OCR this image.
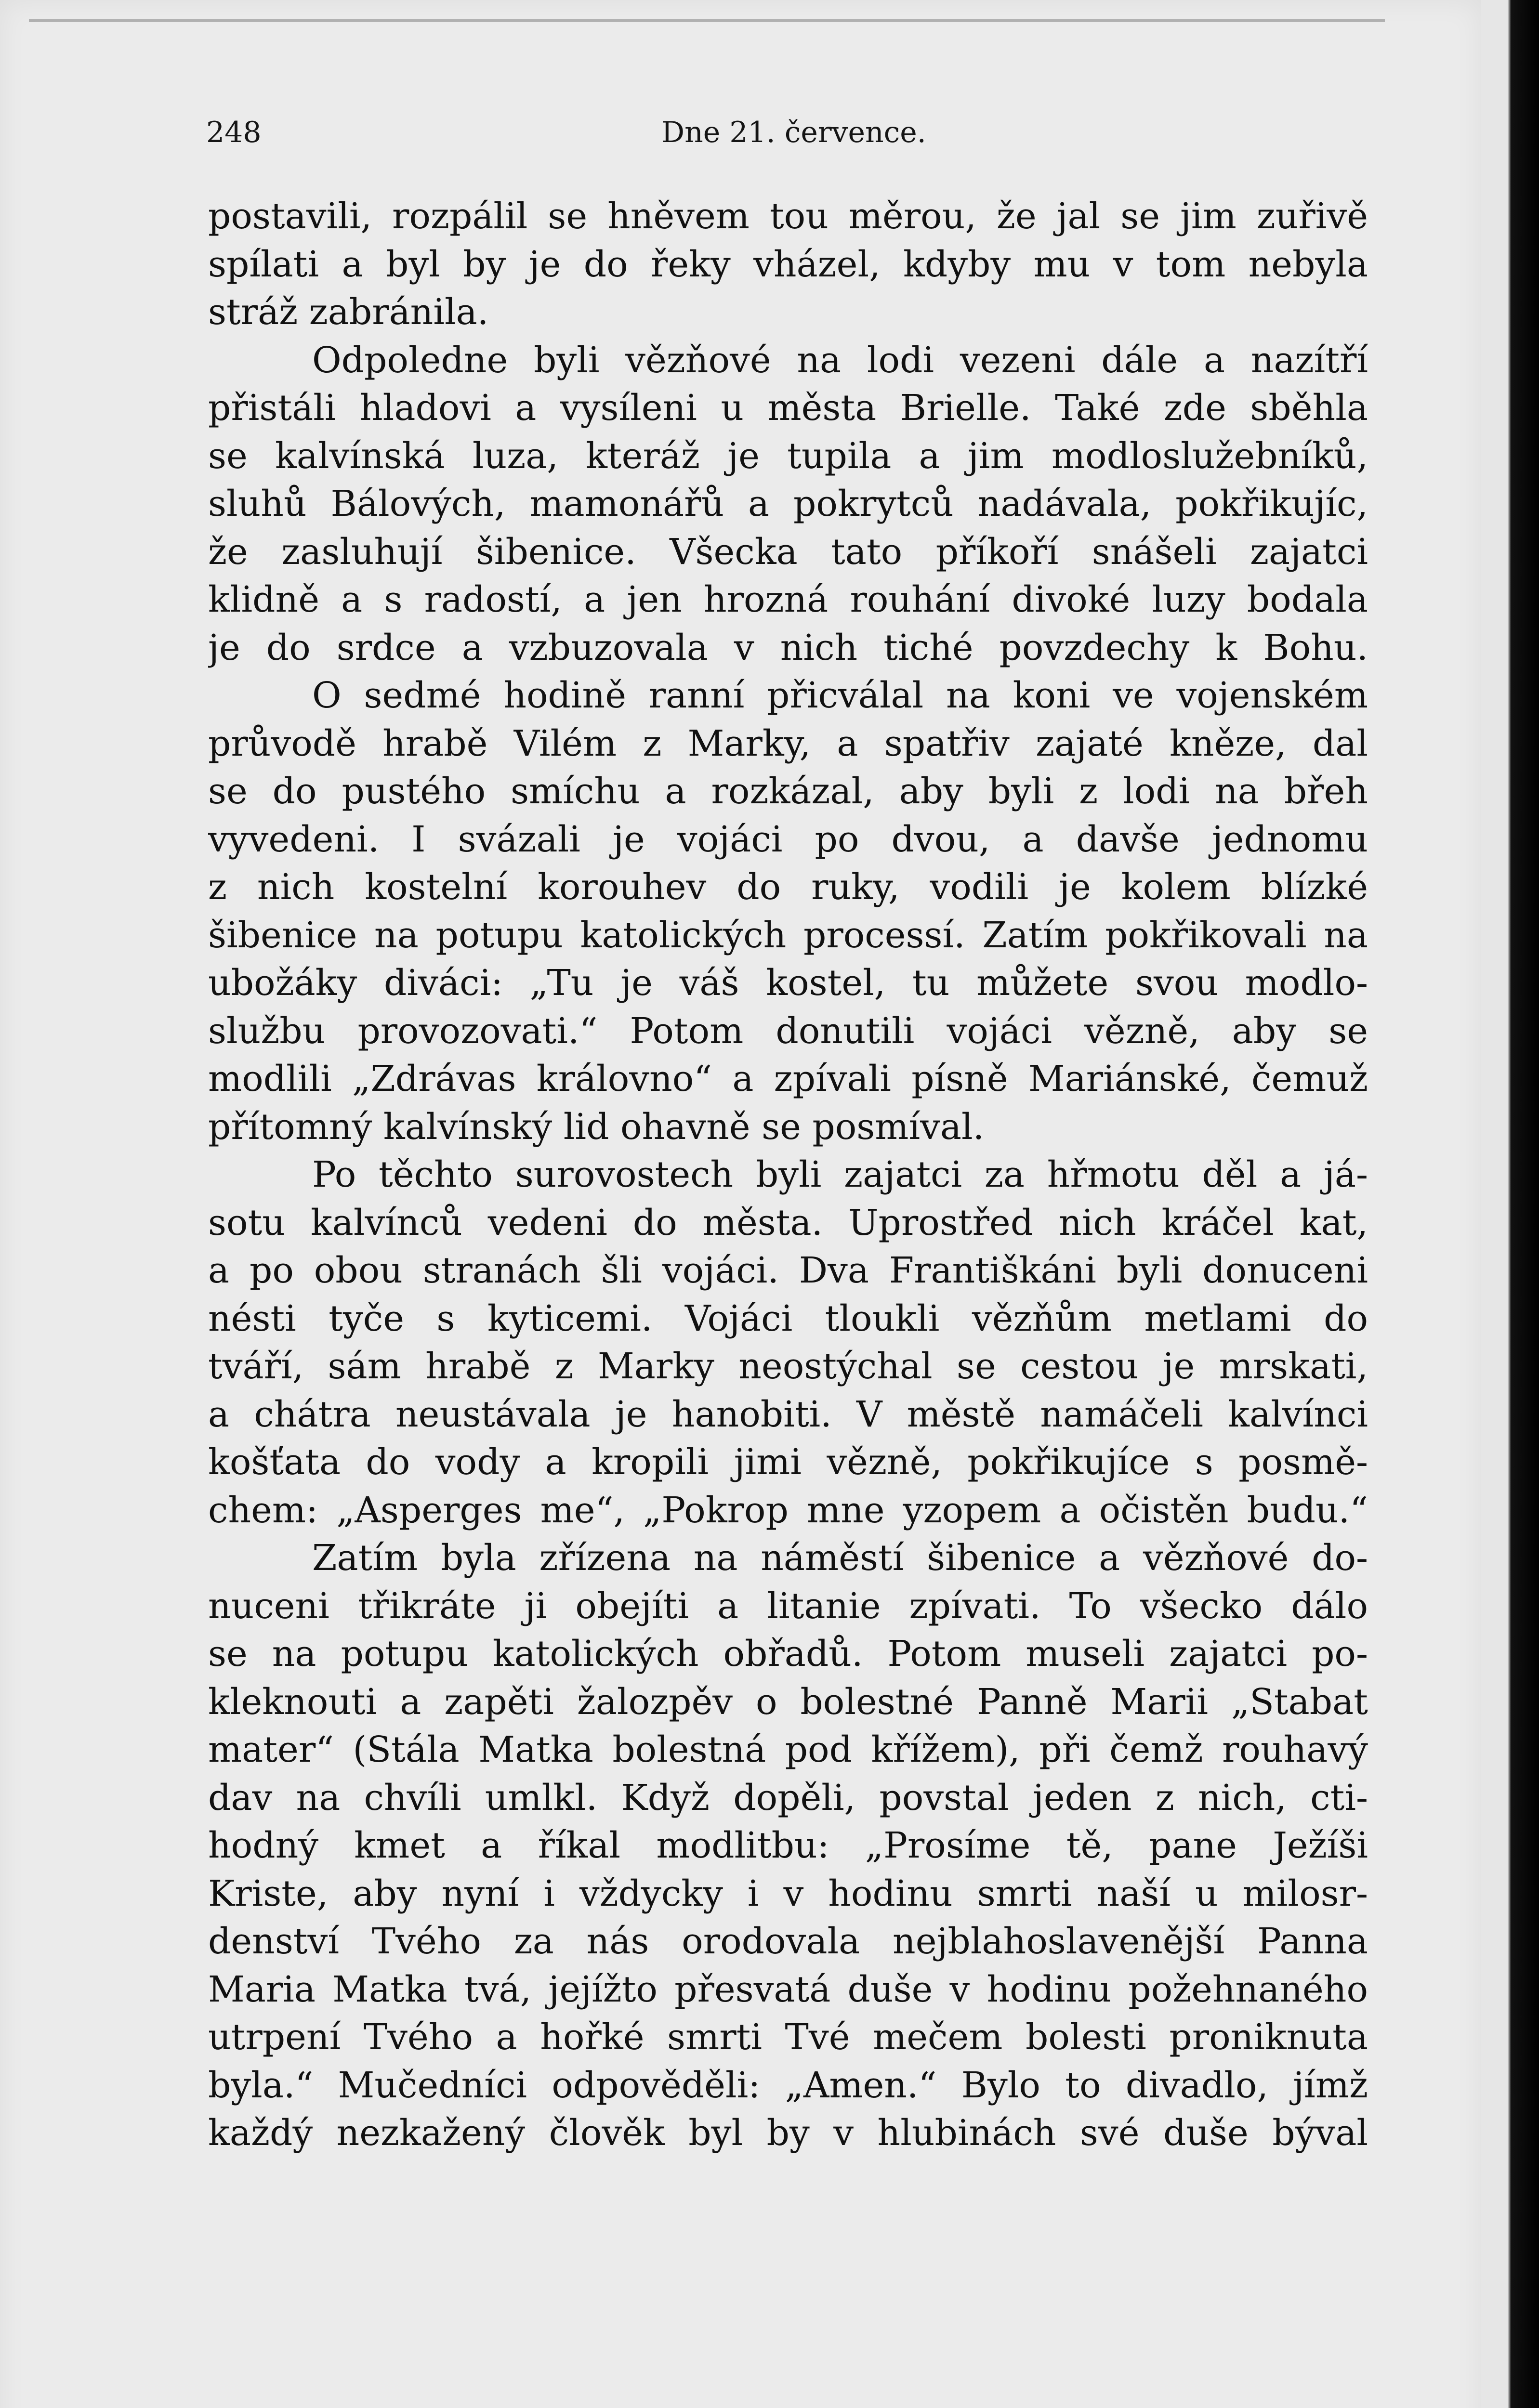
248	Dne 21. července.
postavili, rozpálil se hněvem tou měrou, že jal se jim zuřivě
spílati a byl by je do řeky vházel, kdyby mu v tom nebyla
stráž zabránila.
Odpoledne byli vězňové na lodi vezeni dále a nazítří
přistáli hladovi a vysíleni u města Brielle. Také zde sběhla
se kalvínská luza, kteráž je tupila a jim modloslužebníků,
sluhů Bálových, mamonářů a pokrytců nadávala, pokřikujíc,
že zasluhují šibenice. Všecka tato příkoří snášeli zajatci
klidně a s radostí, a jen hrozná rouhání divoké luzy bodala
je do srdce a vzbuzovala v nich tiché povzdechy k Bohu.
O sedmé hodině ranní přicválal na koni ve vojenském
průvodě hrabě Vilém z Marky, a spatřiv zajaté kněze, dal
se do pustého smíchu a rozkázal, aby byli z lodi na břeh
vyvedeni. I svázali je vojáci po dvou, a davše jednomu
z nich kostelní korouhev do ruky, vodili je kolem blízké
šibenice na potupu katolických processí. Zatím pokřikovali na
ubožáky diváci: „Tu je váš kostel, tu můžete svou modlo-
službu provozovati.“ Potom donutili vojáci vězně, aby se
modlili „Zdrávas královno“ a zpívali písně Mariánské, čemuž
přítomný kalvínský lid ohavně se posmíval.
Po těchto surovostech byli zajatci za hřmotu děl a já-
sotu kalvínců vedeni do města. Uprostřed nich kráčel kat,
a po obou stranách šli vojáci. Dva Františkáni byli donuceni
nésti tyče s kyticemi. Vojáci tloukli vězňům metlami do
tváří, sám hrabě z Marky neostýchal se cestou je mrskati,
a chátra neustávala je hanobiti. V městě namáčeli kalvínci
košťata do vody a kropili jimi vězně, pokřikujíce s posmě-
chem: „Asperges me“, „Pokrop mne yzopem a očistěn budu.“
Zatím byla zřízena na náměstí šibenice a vězňové do-
nuceni třikráte ji obejíti a litanie zpívati. To všecko dálo
se na potupu katolických obřadů. Potom museli zajatci po-
kleknouti a zapěti žalozpěv o bolestné Panně Marii „Stabat
mater“ (Stála Matka bolestná pod křížem), při čemž rouhavý
dav na chvíli umlkl. Když dopěli, povstal jeden z nich, cti-
hodný kmet a říkal modlitbu: „Prosíme tě, pane Ježíši
Kriste, aby nyní i vždycky i v hodinu smrti naší u milosr-
denství Tvého za nás orodovala nejblahoslavenější Panna
Maria Matka tvá, jejížto přesvatá duše v hodinu požehnaného
utrpení Tvého a hořké smrti Tvé mečem bolesti proniknuta
byla.“ Mučedníci odpověděli: „Amen.“ Bylo to divadlo, jímž
každý nezkažený člověk byl by v hlubinách své duše býval
